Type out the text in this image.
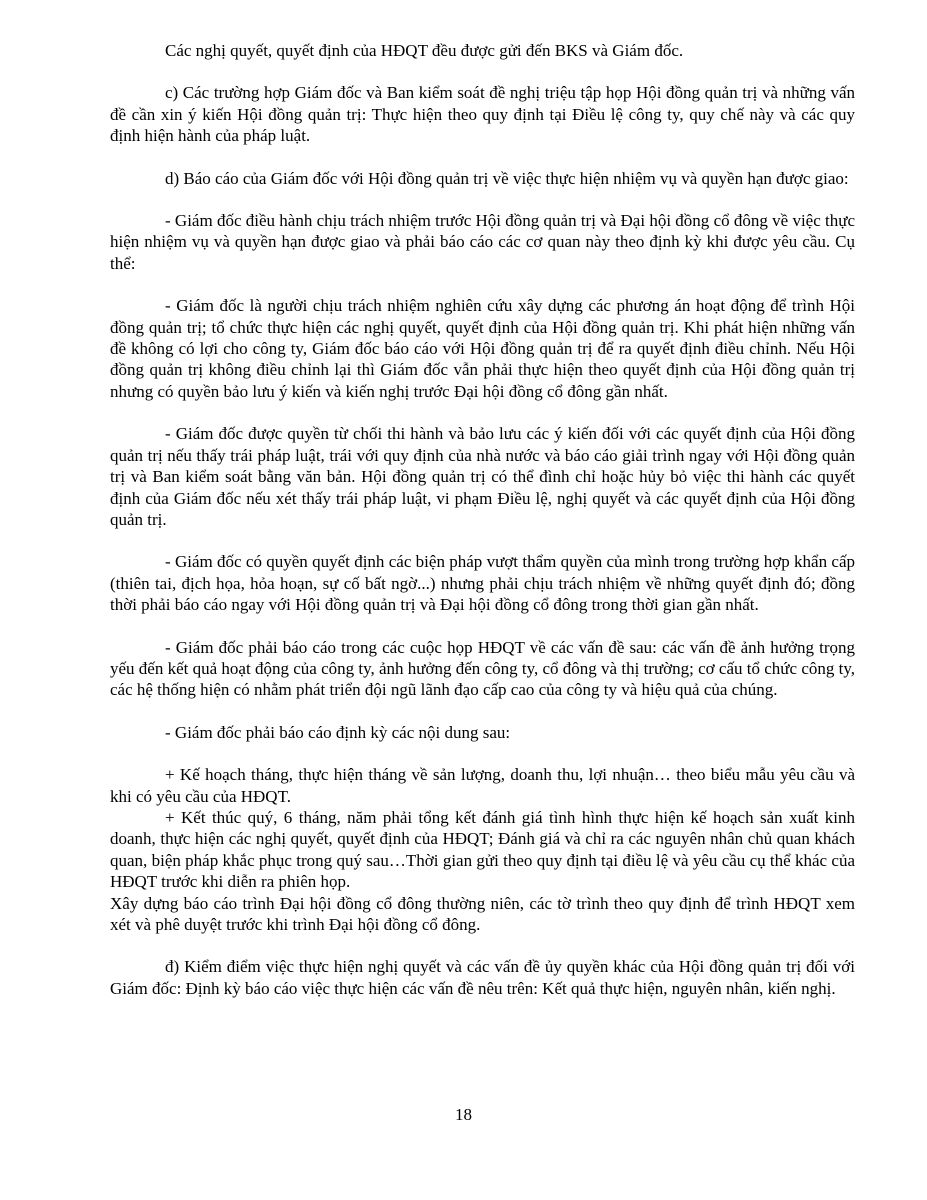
Các nghị quyết, quyết định của HĐQT đều được gửi đến BKS và Giám đốc.

c) Các trường hợp Giám đốc và Ban kiểm soát đề nghị triệu tập họp Hội đồng quản trị và những vấn đề cần xin ý kiến Hội đồng quản trị: Thực hiện theo quy định tại Điều lệ công ty, quy chế này và các quy định hiện hành của pháp luật.

d) Báo cáo của Giám đốc với Hội đồng quản trị về việc thực hiện nhiệm vụ và quyền hạn được giao:

- Giám đốc điều hành chịu trách nhiệm trước Hội đồng quản trị và Đại hội đồng cổ đông về việc thực hiện nhiệm vụ và quyền hạn được giao và phải báo cáo các cơ quan này theo định kỳ khi được yêu cầu. Cụ thể:

- Giám đốc là người chịu trách nhiệm nghiên cứu xây dựng các phương án hoạt động để trình Hội đồng quản trị; tổ chức thực hiện các nghị quyết, quyết định của Hội đồng quản trị. Khi phát hiện những vấn đề không có lợi cho công ty, Giám đốc báo cáo với Hội đồng quản trị để ra quyết định điều chỉnh. Nếu Hội đồng quản trị không điều chỉnh lại thì Giám đốc vẫn phải thực hiện theo quyết định của Hội đồng quản trị nhưng có quyền bảo lưu ý kiến và kiến nghị trước Đại hội đồng cổ đông gần nhất.

- Giám đốc được quyền từ chối thi hành và bảo lưu các ý kiến đối với các quyết định của Hội đồng quản trị nếu thấy trái pháp luật, trái với quy định của nhà nước và báo cáo giải trình ngay với Hội đồng quản trị và Ban kiểm soát bằng văn bản. Hội đồng quản trị có thể đình chỉ hoặc hủy bỏ việc thi hành các quyết định của Giám đốc nếu xét thấy trái pháp luật, vi phạm Điều lệ, nghị quyết và các quyết định của Hội đồng quản trị.

- Giám đốc có quyền quyết định các biện pháp vượt thẩm quyền của mình trong trường hợp khẩn cấp (thiên tai, địch họa, hỏa hoạn, sự cố bất ngờ...) nhưng phải chịu trách nhiệm về những quyết định đó; đồng thời phải báo cáo ngay với Hội đồng quản trị và Đại hội đồng cổ đông trong thời gian gần nhất.

- Giám đốc phải báo cáo trong các cuộc họp HĐQT về các vấn đề sau: các vấn đề ảnh hưởng trọng yếu đến kết quả hoạt động của công ty, ảnh hưởng đến công ty, cổ đông và thị trường; cơ cấu tổ chức công ty, các hệ thống hiện có nhằm phát triển đội ngũ lãnh đạo cấp cao của công ty và hiệu quả của chúng.

- Giám đốc phải báo cáo định kỳ các nội dung sau:

+ Kế hoạch tháng, thực hiện tháng về sản lượng, doanh thu, lợi nhuận… theo biểu mẫu yêu cầu và khi có yêu cầu của HĐQT.

+ Kết thúc quý, 6 tháng, năm phải tổng kết đánh giá tình hình thực hiện kế hoạch sản xuất kinh doanh, thực hiện các nghị quyết, quyết định của HĐQT; Đánh giá và chỉ ra các nguyên nhân chủ quan khách quan, biện pháp khắc phục trong quý sau…Thời gian gửi theo quy định tại điều lệ và yêu cầu cụ thể khác của HĐQT trước khi diễn ra phiên họp.

Xây dựng báo cáo trình Đại hội đồng cổ đông thường niên, các tờ trình theo quy định để trình HĐQT xem xét và phê duyệt trước khi trình Đại hội đồng cổ đông.

đ) Kiểm điểm việc thực hiện nghị quyết và các vấn đề ủy quyền khác của Hội đồng quản trị đối với Giám đốc: Định kỳ báo cáo việc thực hiện các vấn đề nêu trên: Kết quả thực hiện, nguyên nhân, kiến nghị.

18
